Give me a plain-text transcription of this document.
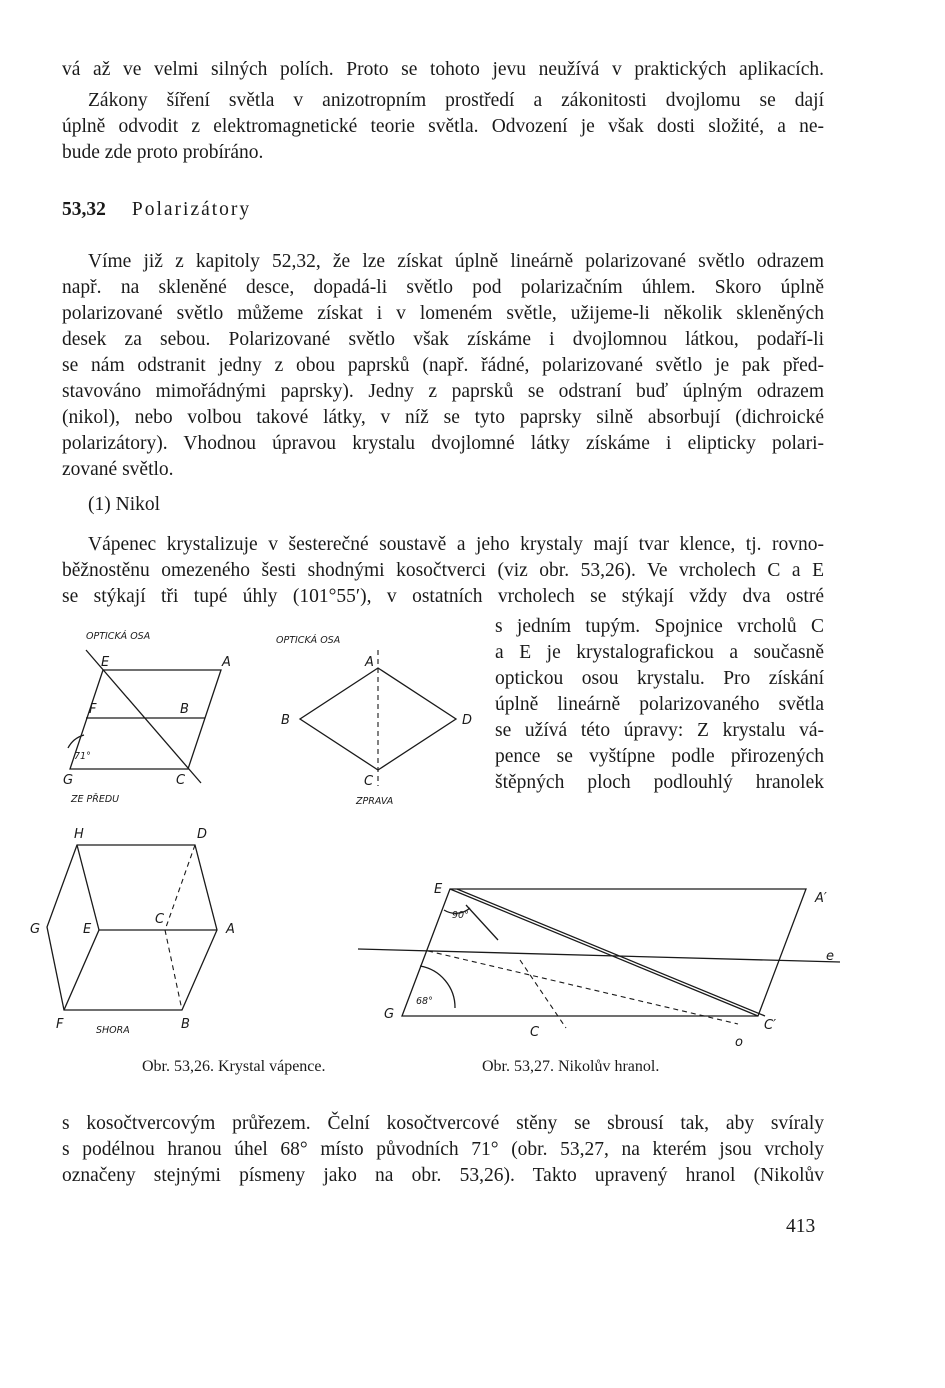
vá až ve velmi silných polích. Proto se tohoto jevu neužívá v praktických aplikacích.
Zákony šíření světla v anizotropním prostředí a zákonitosti dvojlomu se dají
úplně odvodit z elektromagnetické teorie světla. Odvození je však dosti složité, a ne-
bude zde proto probíráno.
53,32 Polarizátory
Víme již z kapitoly 52,32, že lze získat úplně lineárně polarizované světlo odrazem
např. na skleněné desce, dopadá-li světlo pod polarizačním úhlem. Skoro úplně
polarizované světlo můžeme získat i v lomeném světle, užijeme-li několik skleněných
desek za sebou. Polarizované světlo však získáme i dvojlomnou látkou, podaří-li
se nám odstranit jedny z obou paprsků (např. řádné, polarizované světlo je pak před-
stavováno mimořádnými paprsky). Jedny z paprsků se odstraní buď úplným odrazem
(nikol), nebo volbou takové látky, v níž se tyto paprsky silně absorbují (dichroické
polarizátory). Vhodnou úpravou krystalu dvojlomné látky získáme i elipticky polari-
zované světlo.
(1) Nikol
Vápenec krystalizuje v šesterečné soustavě a jeho krystaly mají tvar klence, tj. rovno-
běžnostěnu omezeného šesti shodnými kosočtverci (viz obr. 53,26). Ve vrcholech C a E
se stýkají tři tupé úhly (101°55′), v ostatních vrcholech se stýkají vždy dva ostré
s jedním tupým. Spojnice vrcholů C
a E je krystalografickou a současně
optickou osou krystalu. Pro získání
úplně lineárně polarizovaného světla
se užívá této úpravy: Z krystalu vá-
pence se vyštípne podle přirozených
štěpných ploch podlouhlý hranolek
OPTICKÁ OSA
E	A
F	B
71°
G	C
ZE PŘEDU
OPTICKÁ OSA
A
B	D
C
ZPRAVA
H	D
G	E
C
A
F	SHORA	B
E
A′
90°
e
68°
G
C	C′
o
Obr. 53,26. Krystal vápence.	Obr. 53,27. Nikolův hranol.
s kosočtvercovým průřezem. Čelní kosočtvercové stěny se sbrousí tak, aby svíraly
s podélnou hranou úhel 68° místo původních 71° (obr. 53,27, na kterém jsou vrcholy
označeny stejnými písmeny jako na obr. 53,26). Takto upravený hranol (Nikolův
413
